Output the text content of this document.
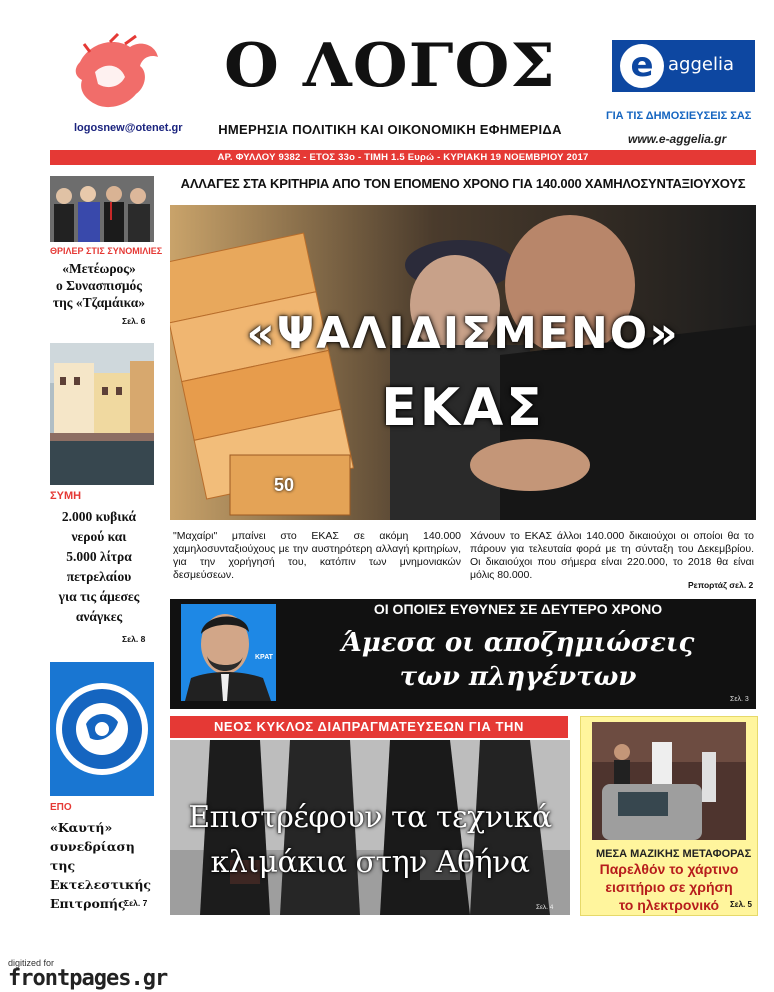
logosnew@otenet.gr
Ο ΛΟΓΟΣ
ΗΜΕΡΗΣΙΑ ΠΟΛΙΤΙΚΗ ΚΑΙ ΟΙΚΟΝΟΜΙΚΗ ΕΦΗΜΕΡΙΔΑ
e aggelia
ΓΙΑ ΤΙΣ ΔΗΜΟΣΙΕΥΣΕΙΣ ΣΑΣ
www.e-aggelia.gr
ΑΡ. ΦΥΛΛΟΥ 9382 - ΕΤΟΣ 33ο - ΤΙΜΗ 1.5 Ευρώ - ΚΥΡΙΑΚΗ 19 ΝΟΕΜΒΡΙΟΥ 2017
ΘΡΙΛΕΡ ΣΤΙΣ ΣΥΝΟΜΙΛΙΕΣ
«Μετέωρος»
ο Συνασπισμός
της «Τζαμάικα»
Σελ. 6
ΣΥΜΗ
2.000 κυβικά
νερού και
5.000 λίτρα
πετρελαίου
για τις άμεσες
ανάγκες
Σελ. 8
ΕΠΟ
«Καυτή»
συνεδρίαση
της Εκτελεστικής
Επιτροπής
Σελ. 7
ΑΛΛΑΓΕΣ ΣΤΑ ΚΡΙΤΗΡΙΑ ΑΠΟ ΤΟΝ ΕΠΟΜΕΝΟ ΧΡΟΝΟ ΓΙΑ 140.000 ΧΑΜΗΛΟΣΥΝΤΑΞΙΟΥΧΟΥΣ
50
«ΨΑΛΙΔΙΣΜΕΝΟ»
ΕΚΑΣ
"Μαχαίρι" μπαίνει στο ΕΚΑΣ σε ακόμη 140.000 χαμηλοσυνταξιούχους με την αυστηρότερη αλλαγή κριτηρίων, για την χορήγησή του, κατόπιν των μνημονιακών δεσμεύσεων.
Χάνουν το ΕΚΑΣ άλλοι 140.000 δικαιούχοι οι οποίοι θα το πάρουν για τελευταία φορά με τη σύνταξη του Δεκεμβρίου. Οι δικαιούχοι που σήμερα είναι 220.000, το 2018 θα είναι μόλις 80.000.
Ρεπορτάζ σελ. 2
ΚΡΑΤ
ΟΙ ΟΠΟΙΕΣ ΕΥΘΥΝΕΣ ΣΕ ΔΕΥΤΕΡΟ ΧΡΟΝΟ
Άμεσα οι αποζημιώσεις
των πληγέντων
Σελ. 3
ΝΕΟΣ ΚΥΚΛΟΣ ΔΙΑΠΡΑΓΜΑΤΕΥΣΕΩΝ ΓΙΑ ΤΗΝ
Επιστρέφουν τα τεχνικά
κλιμάκια στην Αθήνα
Σελ. 4
ΜΕΣΑ ΜΑΖΙΚΗΣ ΜΕΤΑΦΟΡΑΣ
Παρελθόν το χάρτινο
εισιτήριο σε χρήση
το ηλεκτρονικό	Σελ. 5
digitized for
frontpages.gr
